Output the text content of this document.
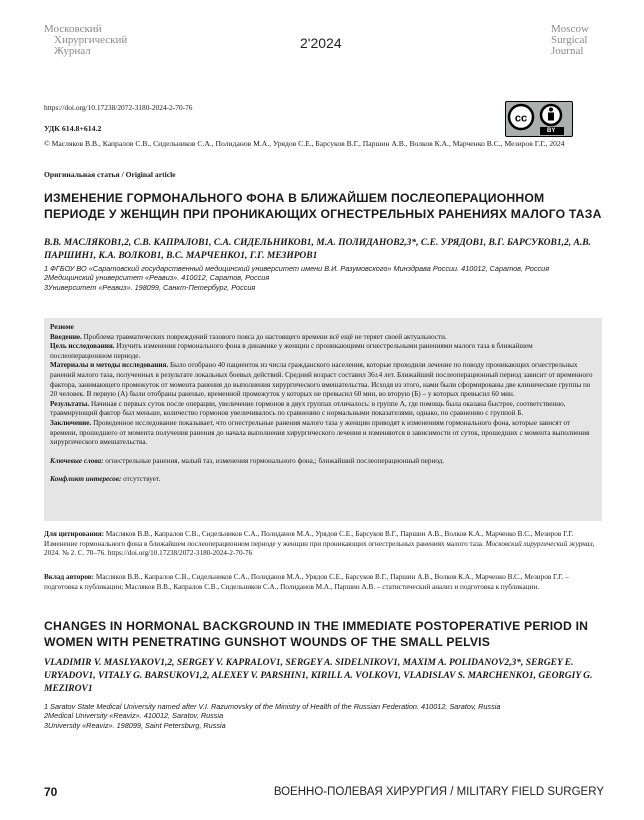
Московский
Хирургический
Журнал	2'2024
Moscow
Surgical
Journal
https://doi.org/10.17238/2072-3180-2024-2-70-76
УДК 614.8+614.2
cc
BY
© Масляков В.В., Капралов С.В., Сидельников С.А., Полиданов М.А., Урядов С.Е., Барсуков В.Г., Паршин А.В., Волков К.А., Марченко В.С., Мезиров Г.Г., 2024
Оригинальная статья / Original article
ИЗМЕНЕНИЕ ГОРМОНАЛЬНОГО ФОНА В БЛИЖАЙШЕМ ПОСЛЕОПЕРАЦИОННОМ ПЕРИОДЕ У ЖЕНЩИН ПРИ ПРОНИКАЮЩИХ ОГНЕСТРЕЛЬНЫХ РАНЕНИЯХ МАЛОГО ТАЗА
В.В. МАСЛЯКОВ1,2, С.В. КАПРАЛОВ1, С.А. СИДЕЛЬНИКОВ1, М.А. ПОЛИДАНОВ2,3*, С.Е. УРЯДОВ1, В.Г. БАРСУКОВ1,2, А.В. ПАРШИН1, К.А. ВОЛКОВ1, В.С. МАРЧЕНКО1, Г.Г. МЕЗИРОВ1
1 ФГБОУ ВО «Саратовский государственный медицинский университет имени В.И. Разумовского» Минздрава России. 410012, Саратов, Россия
2Медицинский университет «Реавиз». 410012, Саратов, Россия
3Университет «Реавиз». 198099, Санкт-Петербург, Россия

Резюме

Введение. Проблема травматических повреждений тазового пояса до настоящего времени всё ещё не теряет своей актуальности.

Цель исследования. Изучить изменения гормонального фона в динамике у женщин с проникающими огнестрельными ранениями малого таза в ближайшем послеоперационном периоде.

Материалы и методы исследования. Было отобрано 40 пациенток из числа гражданского населения, которые проходили лечение по поводу проникающих огнестрельных ранений малого таза, полученных в результате локальных боевых действий. Средний возраст составил 36±4 лет. Ближайший послеоперационный период зависит от временного фактора, занимающего промежуток от момента ранения до выполнения хирургического вмешательства. Исходя из этого, нами были сформированы две клинические группы по 20 человек. В первую (А) были отобраны раненые, временной промежуток у которых не превысил 60 мин, во вторую (Б) – у которых превысил 60 мин.

Результаты. Начиная с первых суток после операции, увеличение гормонов в двух группах отличалось: в группе А, где помощь была оказана быстрее, соответственно, травмирующий фактор был меньше, количество гормонов увеличивалось по сравнению с нормальными показателями, однако, по сравнению с группой Б.

Заключение. Проведенное исследование показывает, что огнестрельные ранения малого таза у женщин приводят к изменениям гормонального фона, которые зависят от времени, прошедшего от момента получения ранения до начала выполнения хирургического лечения и изменяются в зависимости от суток, прошедших с момента выполнения хирургического вмешательства.

Ключевые слова: огнестрельные ранения, малый таз, изменения гормонального фона,; ближайший послеоперационный период.

Конфликт интересов: отсутствует.

Для цитирования: Масляков В.В., Капралов С.В., Сидельников С.А., Полиданов М.А., Урядов С.Е., Барсуков В.Г., Паршин А.В., Волков К.А., Марченко В.С., Мезиров Г.Г. Изменение гормонального фона в ближайшем послеоперационном периоде у женщин при проникающих огнестрельных ранениях малого таза. Московский хирургический журнал, 2024. № 2. С. 70–76. https://doi.org/10.17238/2072-3180-2024-2-70-76
Вклад авторов: Масляков В.В., Капралов С.В., Сидельников С.А., Полиданов М.А., Урядов С.Е., Барсуков В.Г., Паршин А.В., Волков К.А., Марченко В.С., Мезиров Г.Г. – подготовка к публикации; Масляков В.В., Капралов С.В., Сидельников С.А., Полиданов М.А., Паршин А.В. – статистический анализ и подготовка к публикации.
CHANGES IN HORMONAL BACKGROUND IN THE IMMEDIATE POSTOPERATIVE PERIOD IN WOMEN WITH PENETRATING GUNSHOT WOUNDS OF THE SMALL PELVIS
VLADIMIR V. MASLYAKOV1,2, SERGEY V. KAPRALOV1, SERGEY A. SIDELNIKOV1, MAXIM A. POLIDANOV2,3*, SERGEY E. URYADOV1, VITALY G. BARSUKOV1,2, ALEXEY V. PARSHIN1, KIRILL A. VOLKOV1, VLADISLAV S. MARCHENKO1, GEORGIY G. MEZIROV1
1 Saratov State Medical University named after V.I. Razumovsky of the Ministry of Health of the Russian Federation. 410012, Saratov, Russia
2Medical University «Reaviz». 410012, Saratov, Russia
3University «Reaviz». 198099, Saint Petersburg, Russia
70	ВОЕННО-ПОЛЕВАЯ ХИРУРГИЯ / MILITARY FIELD SURGERY
